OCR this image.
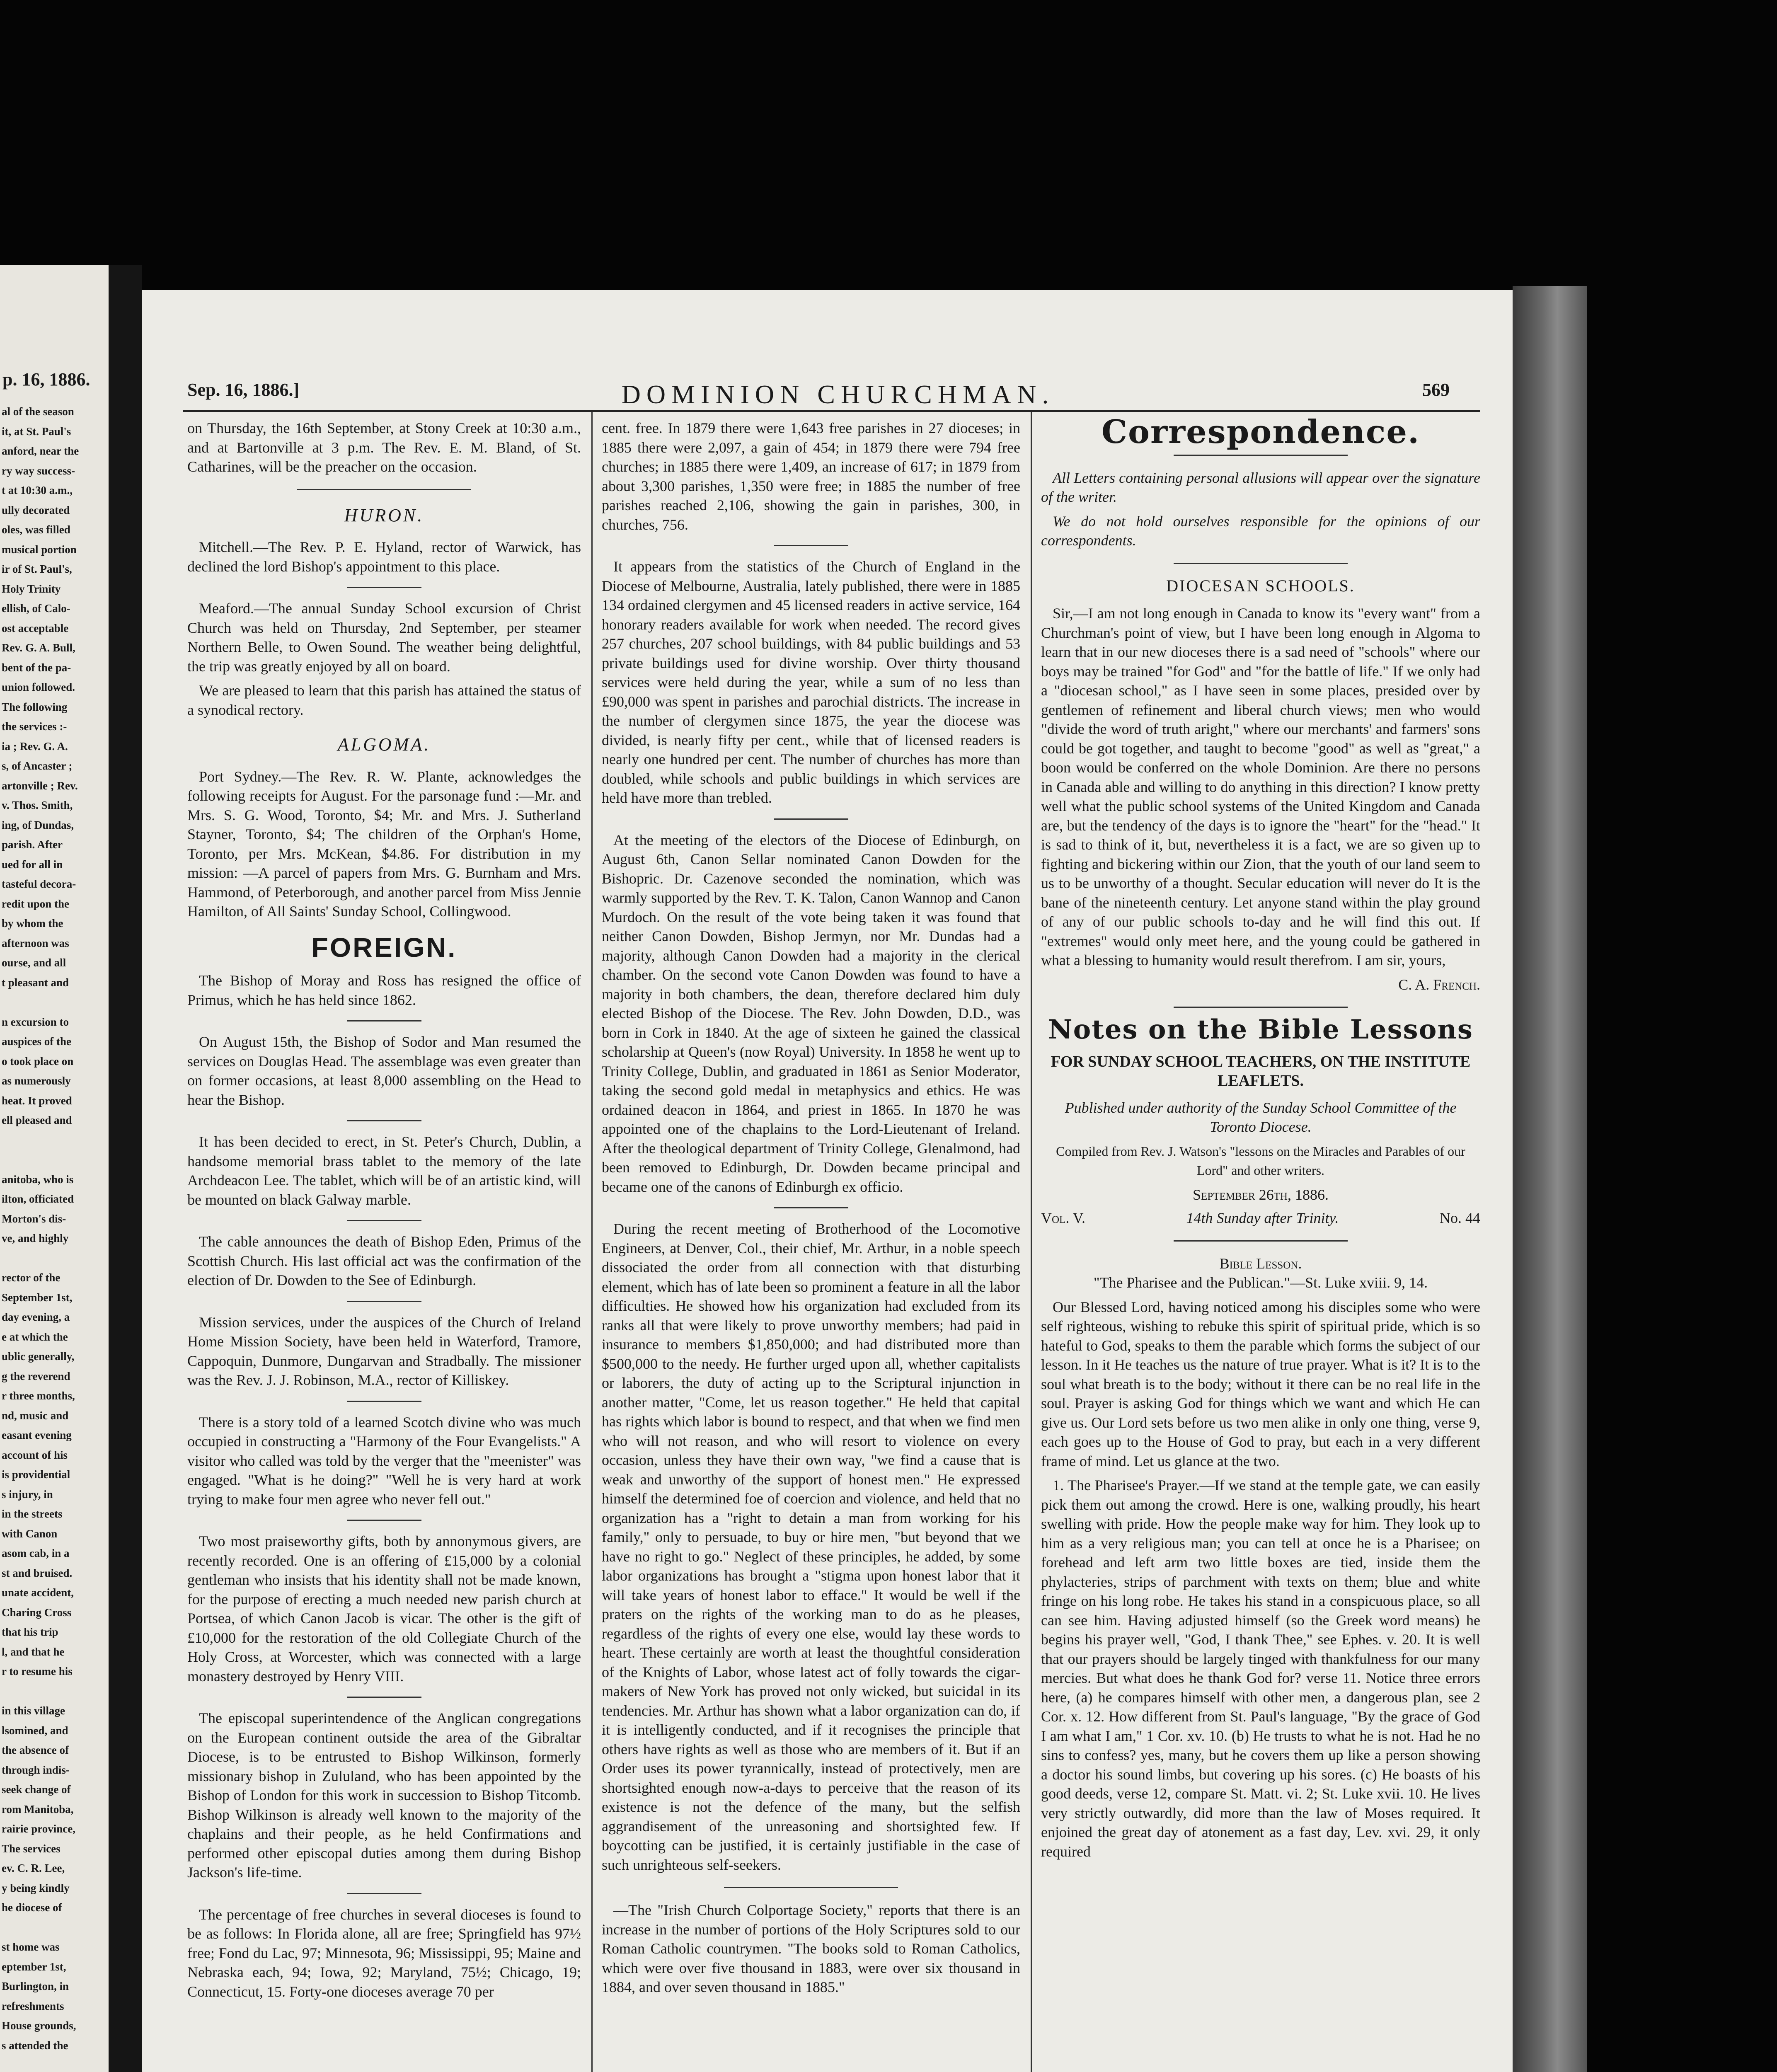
p. 16, 1886.
al of the season
it, at St. Paul's
anford, near the
ry way success-
t at 10:30 a.m.,
ully decorated
oles, was filled
musical portion
ir of St. Paul's,
Holy Trinity
ellish, of Calo-
ost acceptable
Rev. G. A. Bull,
bent of the pa-
union followed.
The following
the services :-
ia ; Rev. G. A.
s, of Ancaster ;
artonville ; Rev.
v. Thos. Smith,
ing, of Dundas,
parish. After
ued for all in
tasteful decora-
redit upon the
by whom the
afternoon was
ourse, and all
t pleasant and

n excursion to
auspices of the
o took place on
as numerously
heat. It proved
ell pleased and

anitoba, who is
ilton, officiated
Morton's dis-
ve, and highly

rector of the
September 1st,
day evening, a
e at which the
ublic generally,
g the reverend
r three months,
nd, music and
easant evening
account of his
is providential
s injury, in
in the streets
with Canon
asom cab, in a
st and bruised.
unate accident,
Charing Cross
that his trip
l, and that he
r to resume his

in this village
lsomined, and
the absence of
through indis-
seek change of
rom Manitoba,
rairie province,
The services
ev. C. R. Lee,
y being kindly
he diocese of

st home was
eptember 1st,
Burlington, in
refreshments
House grounds,
s attended the

Sep. 16, 1886.]	DOMINION CHURCHMAN.	569

on Thursday, the 16th September, at Stony Creek at 10:30 a.m., and at Bartonville at 3 p.m. The Rev. E. M. Bland, of St. Catharines, will be the preacher on the occasion.

HURON.

Mitchell.—The Rev. P. E. Hyland, rector of Warwick, has declined the lord Bishop's appointment to this place.

Meaford.—The annual Sunday School excursion of Christ Church was held on Thursday, 2nd September, per steamer Northern Belle, to Owen Sound. The weather being delightful, the trip was greatly enjoyed by all on board.

We are pleased to learn that this parish has attained the status of a synodical rectory.

ALGOMA.

Port Sydney.—The Rev. R. W. Plante, acknowledges the following receipts for August. For the parsonage fund :—Mr. and Mrs. S. G. Wood, Toronto, $4; Mr. and Mrs. J. Sutherland Stayner, Toronto, $4; The children of the Orphan's Home, Toronto, per Mrs. McKean, $4.86. For distribution in my mission: —A parcel of papers from Mrs. G. Burnham and Mrs. Hammond, of Peterborough, and another parcel from Miss Jennie Hamilton, of All Saints' Sunday School, Collingwood.

FOREIGN.

The Bishop of Moray and Ross has resigned the office of Primus, which he has held since 1862.

On August 15th, the Bishop of Sodor and Man resumed the services on Douglas Head. The assemblage was even greater than on former occasions, at least 8,000 assembling on the Head to hear the Bishop.

It has been decided to erect, in St. Peter's Church, Dublin, a handsome memorial brass tablet to the memory of the late Archdeacon Lee. The tablet, which will be of an artistic kind, will be mounted on black Galway marble.

The cable announces the death of Bishop Eden, Primus of the Scottish Church. His last official act was the confirmation of the election of Dr. Dowden to the See of Edinburgh.

Mission services, under the auspices of the Church of Ireland Home Mission Society, have been held in Waterford, Tramore, Cappoquin, Dunmore, Dungarvan and Stradbally. The missioner was the Rev. J. J. Robinson, M.A., rector of Killiskey.

There is a story told of a learned Scotch divine who was much occupied in constructing a "Harmony of the Four Evangelists." A visitor who called was told by the verger that the "meenister" was engaged. "What is he doing?" "Well he is very hard at work trying to make four men agree who never fell out."

Two most praiseworthy gifts, both by annonymous givers, are recently recorded. One is an offering of £15,000 by a colonial gentleman who insists that his identity shall not be made known, for the purpose of erecting a much needed new parish church at Portsea, of which Canon Jacob is vicar. The other is the gift of £10,000 for the restoration of the old Collegiate Church of the Holy Cross, at Worcester, which was connected with a large monastery destroyed by Henry VIII.

The episcopal superintendence of the Anglican congregations on the European continent outside the area of the Gibraltar Diocese, is to be entrusted to Bishop Wilkinson, formerly missionary bishop in Zululand, who has been appointed by the Bishop of London for this work in succession to Bishop Titcomb. Bishop Wilkinson is already well known to the majority of the chaplains and their people, as he held Confirmations and performed other episcopal duties among them during Bishop Jackson's life-time.

The percentage of free churches in several dioceses is found to be as follows: In Florida alone, all are free; Springfield has 97½ free; Fond du Lac, 97; Minnesota, 96; Mississippi, 95; Maine and Nebraska each, 94; Iowa, 92; Maryland, 75½; Chicago, 19; Connecticut, 15. Forty-one dioceses average 70 per

cent. free. In 1879 there were 1,643 free parishes in 27 dioceses; in 1885 there were 2,097, a gain of 454; in 1879 there were 794 free churches; in 1885 there were 1,409, an increase of 617; in 1879 from about 3,300 parishes, 1,350 were free; in 1885 the number of free parishes reached 2,106, showing the gain in parishes, 300, in churches, 756.

It appears from the statistics of the Church of England in the Diocese of Melbourne, Australia, lately published, there were in 1885 134 ordained clergymen and 45 licensed readers in active service, 164 honorary readers available for work when needed. The record gives 257 churches, 207 school buildings, with 84 public buildings and 53 private buildings used for divine worship. Over thirty thousand services were held during the year, while a sum of no less than £90,000 was spent in parishes and parochial districts. The increase in the number of clergymen since 1875, the year the diocese was divided, is nearly fifty per cent., while that of licensed readers is nearly one hundred per cent. The number of churches has more than doubled, while schools and public buildings in which services are held have more than trebled.

At the meeting of the electors of the Diocese of Edinburgh, on August 6th, Canon Sellar nominated Canon Dowden for the Bishopric. Dr. Cazenove seconded the nomination, which was warmly supported by the Rev. T. K. Talon, Canon Wannop and Canon Murdoch. On the result of the vote being taken it was found that neither Canon Dowden, Bishop Jermyn, nor Mr. Dundas had a majority, although Canon Dowden had a majority in the clerical chamber. On the second vote Canon Dowden was found to have a majority in both chambers, the dean, therefore declared him duly elected Bishop of the Diocese. The Rev. John Dowden, D.D., was born in Cork in 1840. At the age of sixteen he gained the classical scholarship at Queen's (now Royal) University. In 1858 he went up to Trinity College, Dublin, and graduated in 1861 as Senior Moderator, taking the second gold medal in metaphysics and ethics. He was ordained deacon in 1864, and priest in 1865. In 1870 he was appointed one of the chaplains to the Lord-Lieutenant of Ireland. After the theological department of Trinity College, Glenalmond, had been removed to Edinburgh, Dr. Dowden became principal and became one of the canons of Edinburgh ex officio.

During the recent meeting of Brotherhood of the Locomotive Engineers, at Denver, Col., their chief, Mr. Arthur, in a noble speech dissociated the order from all connection with that disturbing element, which has of late been so prominent a feature in all the labor difficulties. He showed how his organization had excluded from its ranks all that were likely to prove unworthy members; had paid in insurance to members $1,850,000; and had distributed more than $500,000 to the needy. He further urged upon all, whether capitalists or laborers, the duty of acting up to the Scriptural injunction in another matter, "Come, let us reason together." He held that capital has rights which labor is bound to respect, and that when we find men who will not reason, and who will resort to violence on every occasion, unless they have their own way, "we find a cause that is weak and unworthy of the support of honest men." He expressed himself the determined foe of coercion and violence, and held that no organization has a "right to detain a man from working for his family," only to persuade, to buy or hire men, "but beyond that we have no right to go." Neglect of these principles, he added, by some labor organizations has brought a "stigma upon honest labor that it will take years of honest labor to efface." It would be well if the praters on the rights of the working man to do as he pleases, regardless of the rights of every one else, would lay these words to heart. These certainly are worth at least the thoughtful consideration of the Knights of Labor, whose latest act of folly towards the cigar-makers of New York has proved not only wicked, but suicidal in its tendencies. Mr. Arthur has shown what a labor organization can do, if it is intelligently conducted, and if it recognises the principle that others have rights as well as those who are members of it. But if an Order uses its power tyrannically, instead of protectively, men are shortsighted enough now-a-days to perceive that the reason of its existence is not the defence of the many, but the selfish aggrandisement of the unreasoning and shortsighted few. If boycotting can be justified, it is certainly justifiable in the case of such unrighteous self-seekers.

—The "Irish Church Colportage Society," reports that there is an increase in the number of portions of the Holy Scriptures sold to our Roman Catholic countrymen. "The books sold to Roman Catholics, which were over five thousand in 1883, were over six thousand in 1884, and over seven thousand in 1885."

Correspondence.

All Letters containing personal allusions will appear over the signature of the writer.

We do not hold ourselves responsible for the opinions of our correspondents.

DIOCESAN SCHOOLS.

Sir,—I am not long enough in Canada to know its "every want" from a Churchman's point of view, but I have been long enough in Algoma to learn that in our new dioceses there is a sad need of "schools" where our boys may be trained "for God" and "for the battle of life." If we only had a "diocesan school," as I have seen in some places, presided over by gentlemen of refinement and liberal church views; men who would "divide the word of truth aright," where our merchants' and farmers' sons could be got together, and taught to become "good" as well as "great," a boon would be conferred on the whole Dominion. Are there no persons in Canada able and willing to do anything in this direction? I know pretty well what the public school systems of the United Kingdom and Canada are, but the tendency of the days is to ignore the "heart" for the "head." It is sad to think of it, but, nevertheless it is a fact, we are so given up to fighting and bickering within our Zion, that the youth of our land seem to us to be unworthy of a thought. Secular education will never do It is the bane of the nineteenth century. Let anyone stand within the play ground of any of our public schools to-day and he will find this out. If "extremes" would only meet here, and the young could be gathered in what a blessing to humanity would result therefrom. I am sir, yours,

C. A. French.
Notes on the Bible Lessons
FOR SUNDAY SCHOOL TEACHERS, ON THE INSTITUTE LEAFLETS.

Published under authority of the Sunday School Committee of the Toronto Diocese.

Compiled from Rev. J. Watson's "lessons on the Miracles and Parables of our Lord" and other writers.

September 26th, 1886.
Vol. V.	14th Sunday after Trinity.	No. 44
Bible Lesson.

"The Pharisee and the Publican."—St. Luke xviii. 9, 14.

Our Blessed Lord, having noticed among his disciples some who were self righteous, wishing to rebuke this spirit of spiritual pride, which is so hateful to God, speaks to them the parable which forms the subject of our lesson. In it He teaches us the nature of true prayer. What is it? It is to the soul what breath is to the body; without it there can be no real life in the soul. Prayer is asking God for things which we want and which He can give us. Our Lord sets before us two men alike in only one thing, verse 9, each goes up to the House of God to pray, but each in a very different frame of mind. Let us glance at the two.

1. The Pharisee's Prayer.—If we stand at the temple gate, we can easily pick them out among the crowd. Here is one, walking proudly, his heart swelling with pride. How the people make way for him. They look up to him as a very religious man; you can tell at once he is a Pharisee; on forehead and left arm two little boxes are tied, inside them the phylacteries, strips of parchment with texts on them; blue and white fringe on his long robe. He takes his stand in a conspicuous place, so all can see him. Having adjusted himself (so the Greek word means) he begins his prayer well, "God, I thank Thee," see Ephes. v. 20. It is well that our prayers should be largely tinged with thankfulness for our many mercies. But what does he thank God for? verse 11. Notice three errors here, (a) he compares himself with other men, a dangerous plan, see 2 Cor. x. 12. How different from St. Paul's language, "By the grace of God I am what I am," 1 Cor. xv. 10. (b) He trusts to what he is not. Had he no sins to confess? yes, many, but he covers them up like a person showing a doctor his sound limbs, but covering up his sores. (c) He boasts of his good deeds, verse 12, compare St. Matt. vi. 2; St. Luke xvii. 10. He lives very strictly outwardly, did more than the law of Moses required. It enjoined the great day of atonement as a fast day, Lev. xvi. 29, it only required
